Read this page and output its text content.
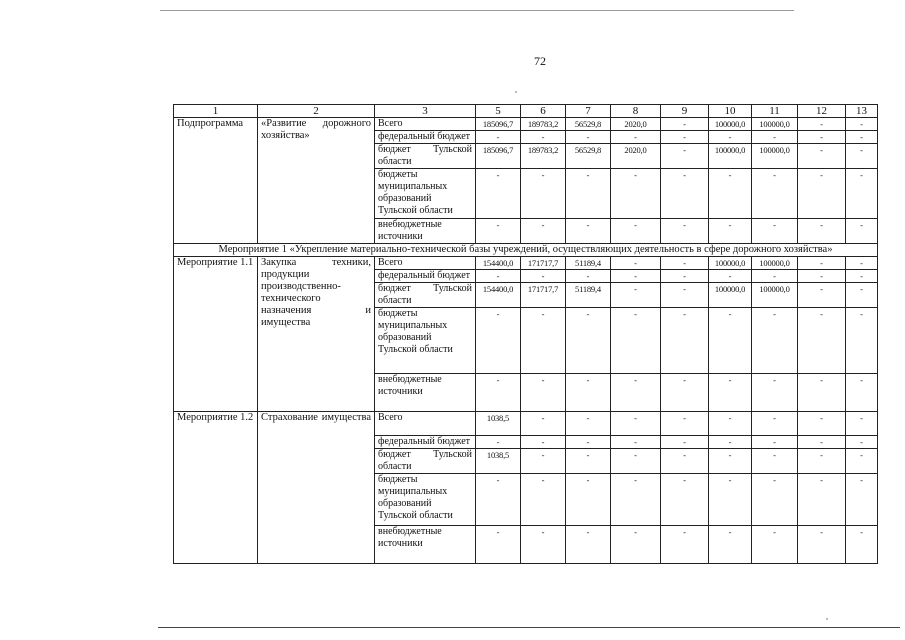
72
1	2	3	5	6	7	8	9	10	11	12	13
Подпрограмма	«Развитие дорожного хозяйства»	Всего	185096,7	189783,2	56529,8	2020,0	-	100000,0	100000,0	-	-
		федеральный бюджет	-	-	-	-	-	-	-	-	-
		бюджет Тульской области	185096,7	189783,2	56529,8	2020,0	-	100000,0	100000,0	-	-
		бюджеты муниципальных образований Тульской области	-	-	-	-	-	-	-	-	-
		внебюджетные источники	-	-	-	-	-	-	-	-	-
Мероприятие 1 «Укрепление материально-технической базы учреждений, осуществляющих деятельность в сфере дорожного хозяйства»											
Мероприятие 1.1	Закупка техники, продукции производственно-технического назначения и имущества	Всего	154400,0	171717,7	51189,4	-	-	100000,0	100000,0	-	-
		федеральный бюджет	-	-	-	-	-	-	-	-	-
		бюджет Тульской области	154400,0	171717,7	51189,4	-	-	100000,0	100000,0	-	-
		бюджеты муниципальных образований Тульской области	-	-	-	-	-	-	-	-	-
		внебюджетные источники	-	-	-	-	-	-	-	-	-
Мероприятие 1.2	Страхование имущества	Всего	1038,5	-	-	-	-	-	-	-	-
		федеральный бюджет	-	-	-	-	-	-	-	-	-
		бюджет Тульской области	1038,5	-	-	-	-	-	-	-	-
		бюджеты муниципальных образований Тульской области	-	-	-	-	-	-	-	-	-
		внебюджетные источники	-	-	-	-	-	-	-	-	-
